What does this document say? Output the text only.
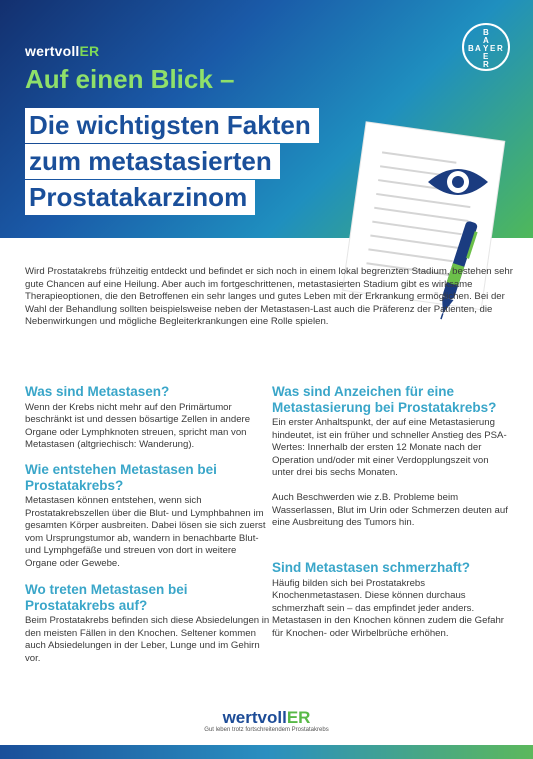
wertvollER
Auf einen Blick –
Die wichtigsten Fakten
zum metastasierten
Prostatakarzinom
B
A
B A Y E R
E
R
Wird Prostatakrebs frühzeitig entdeckt und befindet er sich noch in einem lokal begrenzten Stadium, bestehen sehr gute Chancen auf eine Heilung. Aber auch im fortgeschrittenen, metastasierten Stadium gibt es wirksame Therapieoptionen, die den Betroffenen ein sehr langes und gutes Leben mit der Erkrankung ermöglichen. Bei der Wahl der Behandlung sollten beispielsweise neben der Metastasen-Last auch die Präferenz der Patienten, die Nebenwirkungen und mögliche Begleiterkrankungen eine Rolle spielen.
Was sind Metastasen?

Wenn der Krebs nicht mehr auf den Primärtumor beschränkt ist und dessen bösartige Zellen in andere Organe oder Lymphknoten streuen, spricht man von Metastasen (altgriechisch: Wanderung).

Wie entstehen Metastasen bei Prostatakrebs?

Metastasen können entstehen, wenn sich Prostatakrebszellen über die Blut- und Lymphbahnen im gesamten Körper ausbreiten. Dabei lösen sie sich zuerst vom Ursprungstumor ab, wandern in benachbarte Blut- und Lymphgefäße und streuen von dort in weitere Organe oder Gewebe.

Wo treten Metastasen bei Prostatakrebs auf?

Beim Prostatakrebs befinden sich diese Absiedelungen in den meisten Fällen in den Knochen. Seltener kommen auch Absiedelungen in der Leber, Lunge und im Gehirn vor.

Was sind Anzeichen für eine Metastasierung bei Prostatakrebs?

Ein erster Anhaltspunkt, der auf eine Metastasierung hindeutet, ist ein früher und schneller Anstieg des PSA-Wertes: Innerhalb der ersten 12 Monate nach der Operation und/oder mit einer Verdopplungszeit von unter drei bis sechs Monaten.

Auch Beschwerden wie z.B. Probleme beim Wasserlassen, Blut im Urin oder Schmerzen deuten auf eine Ausbreitung des Tumors hin.

Sind Metastasen schmerzhaft?

Häufig bilden sich bei Prostatakrebs Knochenmetastasen. Diese können durchaus schmerzhaft sein – das empfindet jeder anders. Metastasen in den Knochen können zudem die Gefahr für Knochen- oder Wirbelbrüche erhöhen.

wertvollER
Gut leben trotz fortschreitendem Prostatakrebs
